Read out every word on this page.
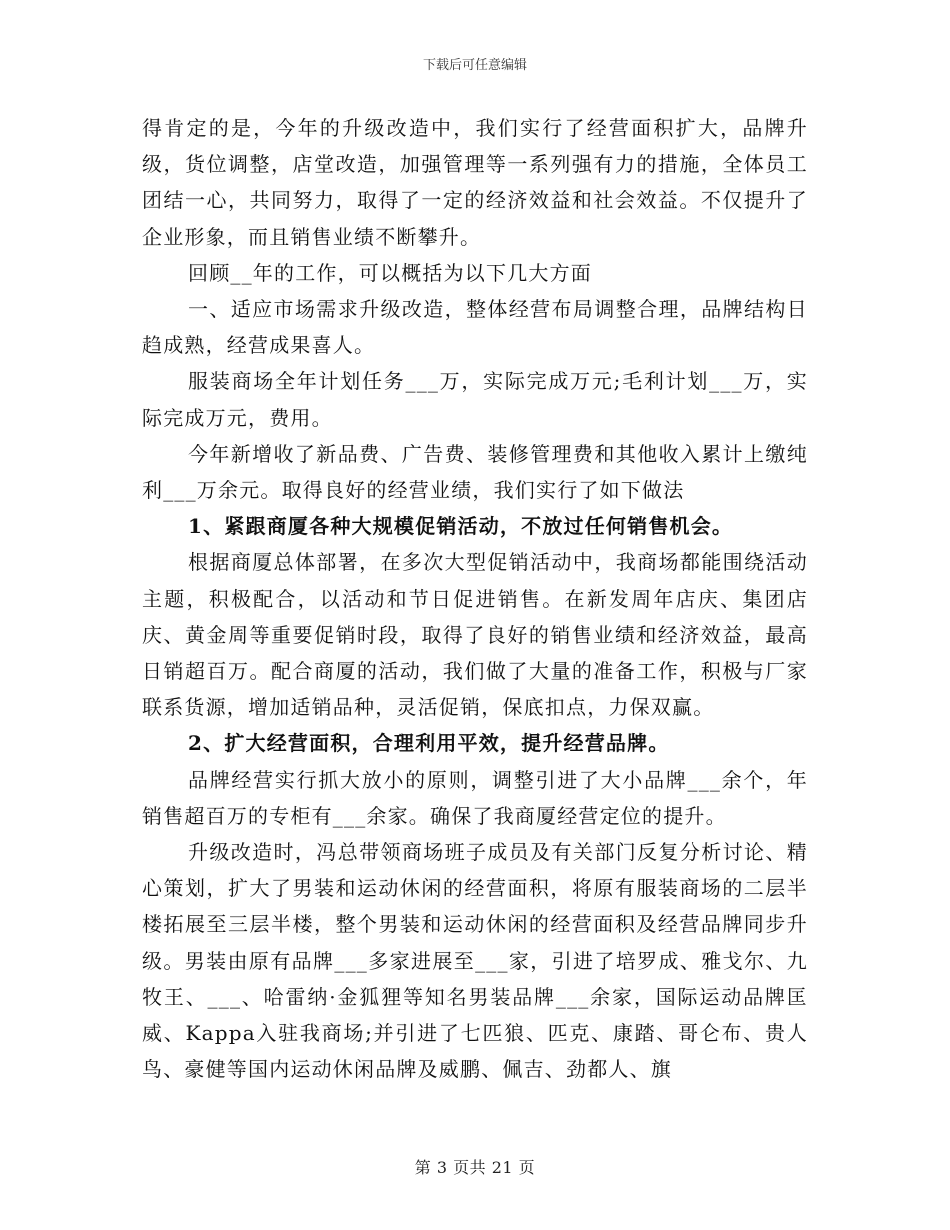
下载后可任意编辑

得肯定的是，今年的升级改造中，我们实行了经营面积扩大，品牌升级，货位调整，店堂改造，加强管理等一系列强有力的措施，全体员工团结一心，共同努力，取得了一定的经济效益和社会效益。不仅提升了企业形象，而且销售业绩不断攀升。

回顾__年的工作，可以概括为以下几大方面

一、适应市场需求升级改造，整体经营布局调整合理，品牌结构日趋成熟，经营成果喜人。

服装商场全年计划任务___万，实际完成万元;毛利计划___万，实际完成万元，费用。

今年新增收了新品费、广告费、装修管理费和其他收入累计上缴纯利___万余元。取得良好的经营业绩，我们实行了如下做法

1、紧跟商厦各种大规模促销活动，不放过任何销售机会。

根据商厦总体部署，在多次大型促销活动中，我商场都能围绕活动主题，积极配合，以活动和节日促进销售。在新发周年店庆、集团店庆、黄金周等重要促销时段，取得了良好的销售业绩和经济效益，最高日销超百万。配合商厦的活动，我们做了大量的准备工作，积极与厂家联系货源，增加适销品种，灵活促销，保底扣点，力保双赢。

2、扩大经营面积，合理利用平效，提升经营品牌。

品牌经营实行抓大放小的原则，调整引进了大小品牌___余个，年销售超百万的专柜有___余家。确保了我商厦经营定位的提升。

升级改造时，冯总带领商场班子成员及有关部门反复分析讨论、精心策划，扩大了男装和运动休闲的经营面积，将原有服装商场的二层半楼拓展至三层半楼，整个男装和运动休闲的经营面积及经营品牌同步升级。男装由原有品牌___多家进展至___家，引进了培罗成、雅戈尔、九牧王、___、哈雷纳·金狐狸等知名男装品牌___余家，国际运动品牌匡威、Kappa入驻我商场;并引进了七匹狼、匹克、康踏、哥仑布、贵人鸟、豪健等国内运动休闲品牌及威鹏、佩吉、劲都人、旗

第 3 页共 21 页
